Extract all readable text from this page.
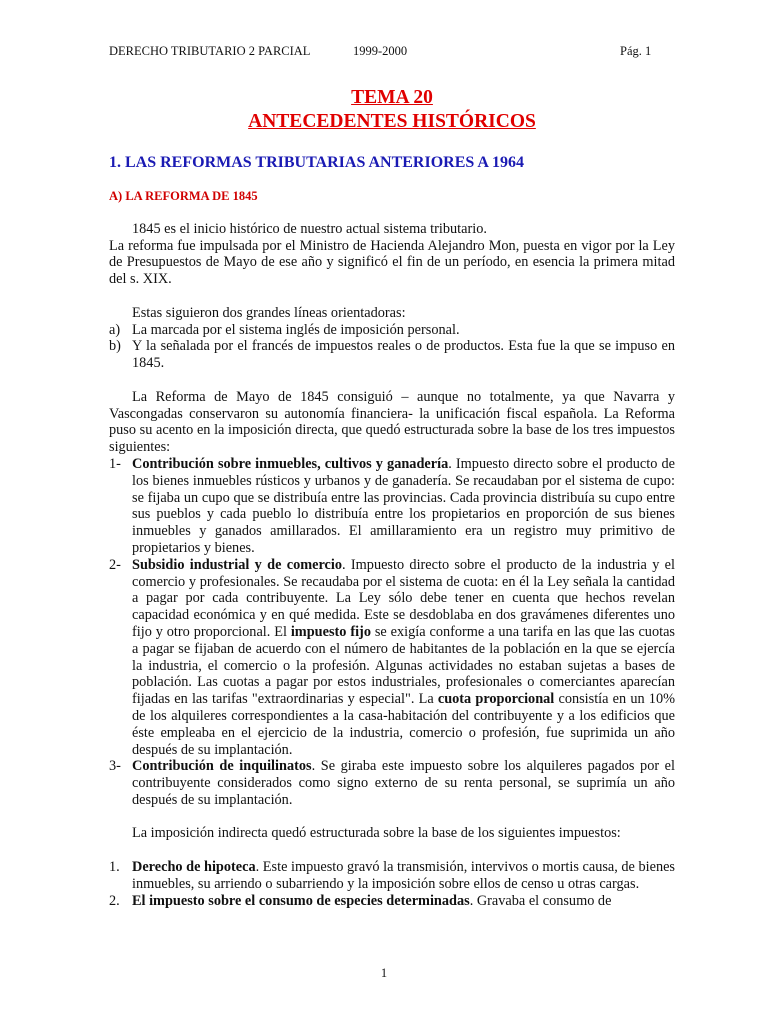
DERECHO TRIBUTARIO 2 PARCIAL	1999-2000	Pág. 1
TEMA 20
ANTECEDENTES HISTÓRICOS
1. LAS REFORMAS TRIBUTARIAS ANTERIORES A 1964
A) LA REFORMA DE 1845

1845 es el inicio histórico de nuestro actual sistema tributario.

La reforma fue impulsada por el Ministro de Hacienda Alejandro Mon, puesta en vigor por la Ley de Presupuestos de Mayo de ese año y significó el fin de un período, en esencia la primera mitad del s. XIX.

Estas siguieron dos grandes líneas orientadoras:

a) La marcada por el sistema inglés de imposición personal.
b) Y la señalada por el francés de impuestos reales o de productos. Esta fue la que se impuso en 1845.

La Reforma de Mayo de 1845 consiguió – aunque no totalmente, ya que Navarra y Vascongadas conservaron su autonomía financiera- la unificación fiscal española. La Reforma puso su acento en la imposición directa, que quedó estructurada sobre la base de los tres impuestos siguientes:

1- Contribución sobre inmuebles, cultivos y ganadería. Impuesto directo sobre el producto de los bienes inmuebles rústicos y urbanos y de ganadería. Se recaudaban por el sistema de cupo: se fijaba un cupo que se distribuía entre las provincias. Cada provincia distribuía su cupo entre sus pueblos y cada pueblo lo distribuía entre los propietarios en proporción de sus bienes inmuebles y ganados amillarados. El amillaramiento era un registro muy primitivo de propietarios y bienes.
2- Subsidio industrial y de comercio. Impuesto directo sobre el producto de la industria y el comercio y profesionales. Se recaudaba por el sistema de cuota: en él la Ley señala la cantidad a pagar por cada contribuyente. La Ley sólo debe tener en cuenta que hechos revelan capacidad económica y en qué medida. Este se desdoblaba en dos gravámenes diferentes uno fijo y otro proporcional. El impuesto fijo se exigía conforme a una tarifa en las que las cuotas a pagar se fijaban de acuerdo con el número de habitantes de la población en la que se ejercía la industria, el comercio o la profesión. Algunas actividades no estaban sujetas a bases de población. Las cuotas a pagar por estos industriales, profesionales o comerciantes aparecían fijadas en las tarifas "extraordinarias y especial". La cuota proporcional consistía en un 10% de los alquileres correspondientes a la casa-habitación del contribuyente y a los edificios que éste empleaba en el ejercicio de la industria, comercio o profesión, fue suprimida un año después de su implantación.
3- Contribución de inquilinatos. Se giraba este impuesto sobre los alquileres pagados por el contribuyente considerados como signo externo de su renta personal, se suprimía un año después de su implantación.

La imposición indirecta quedó estructurada sobre la base de los siguientes impuestos:

1. Derecho de hipoteca. Este impuesto gravó la transmisión, intervivos o mortis causa, de bienes inmuebles, su arriendo o subarriendo y la imposición sobre ellos de censo u otras cargas.
2. El impuesto sobre el consumo de especies determinadas. Gravaba el consumo de
1
